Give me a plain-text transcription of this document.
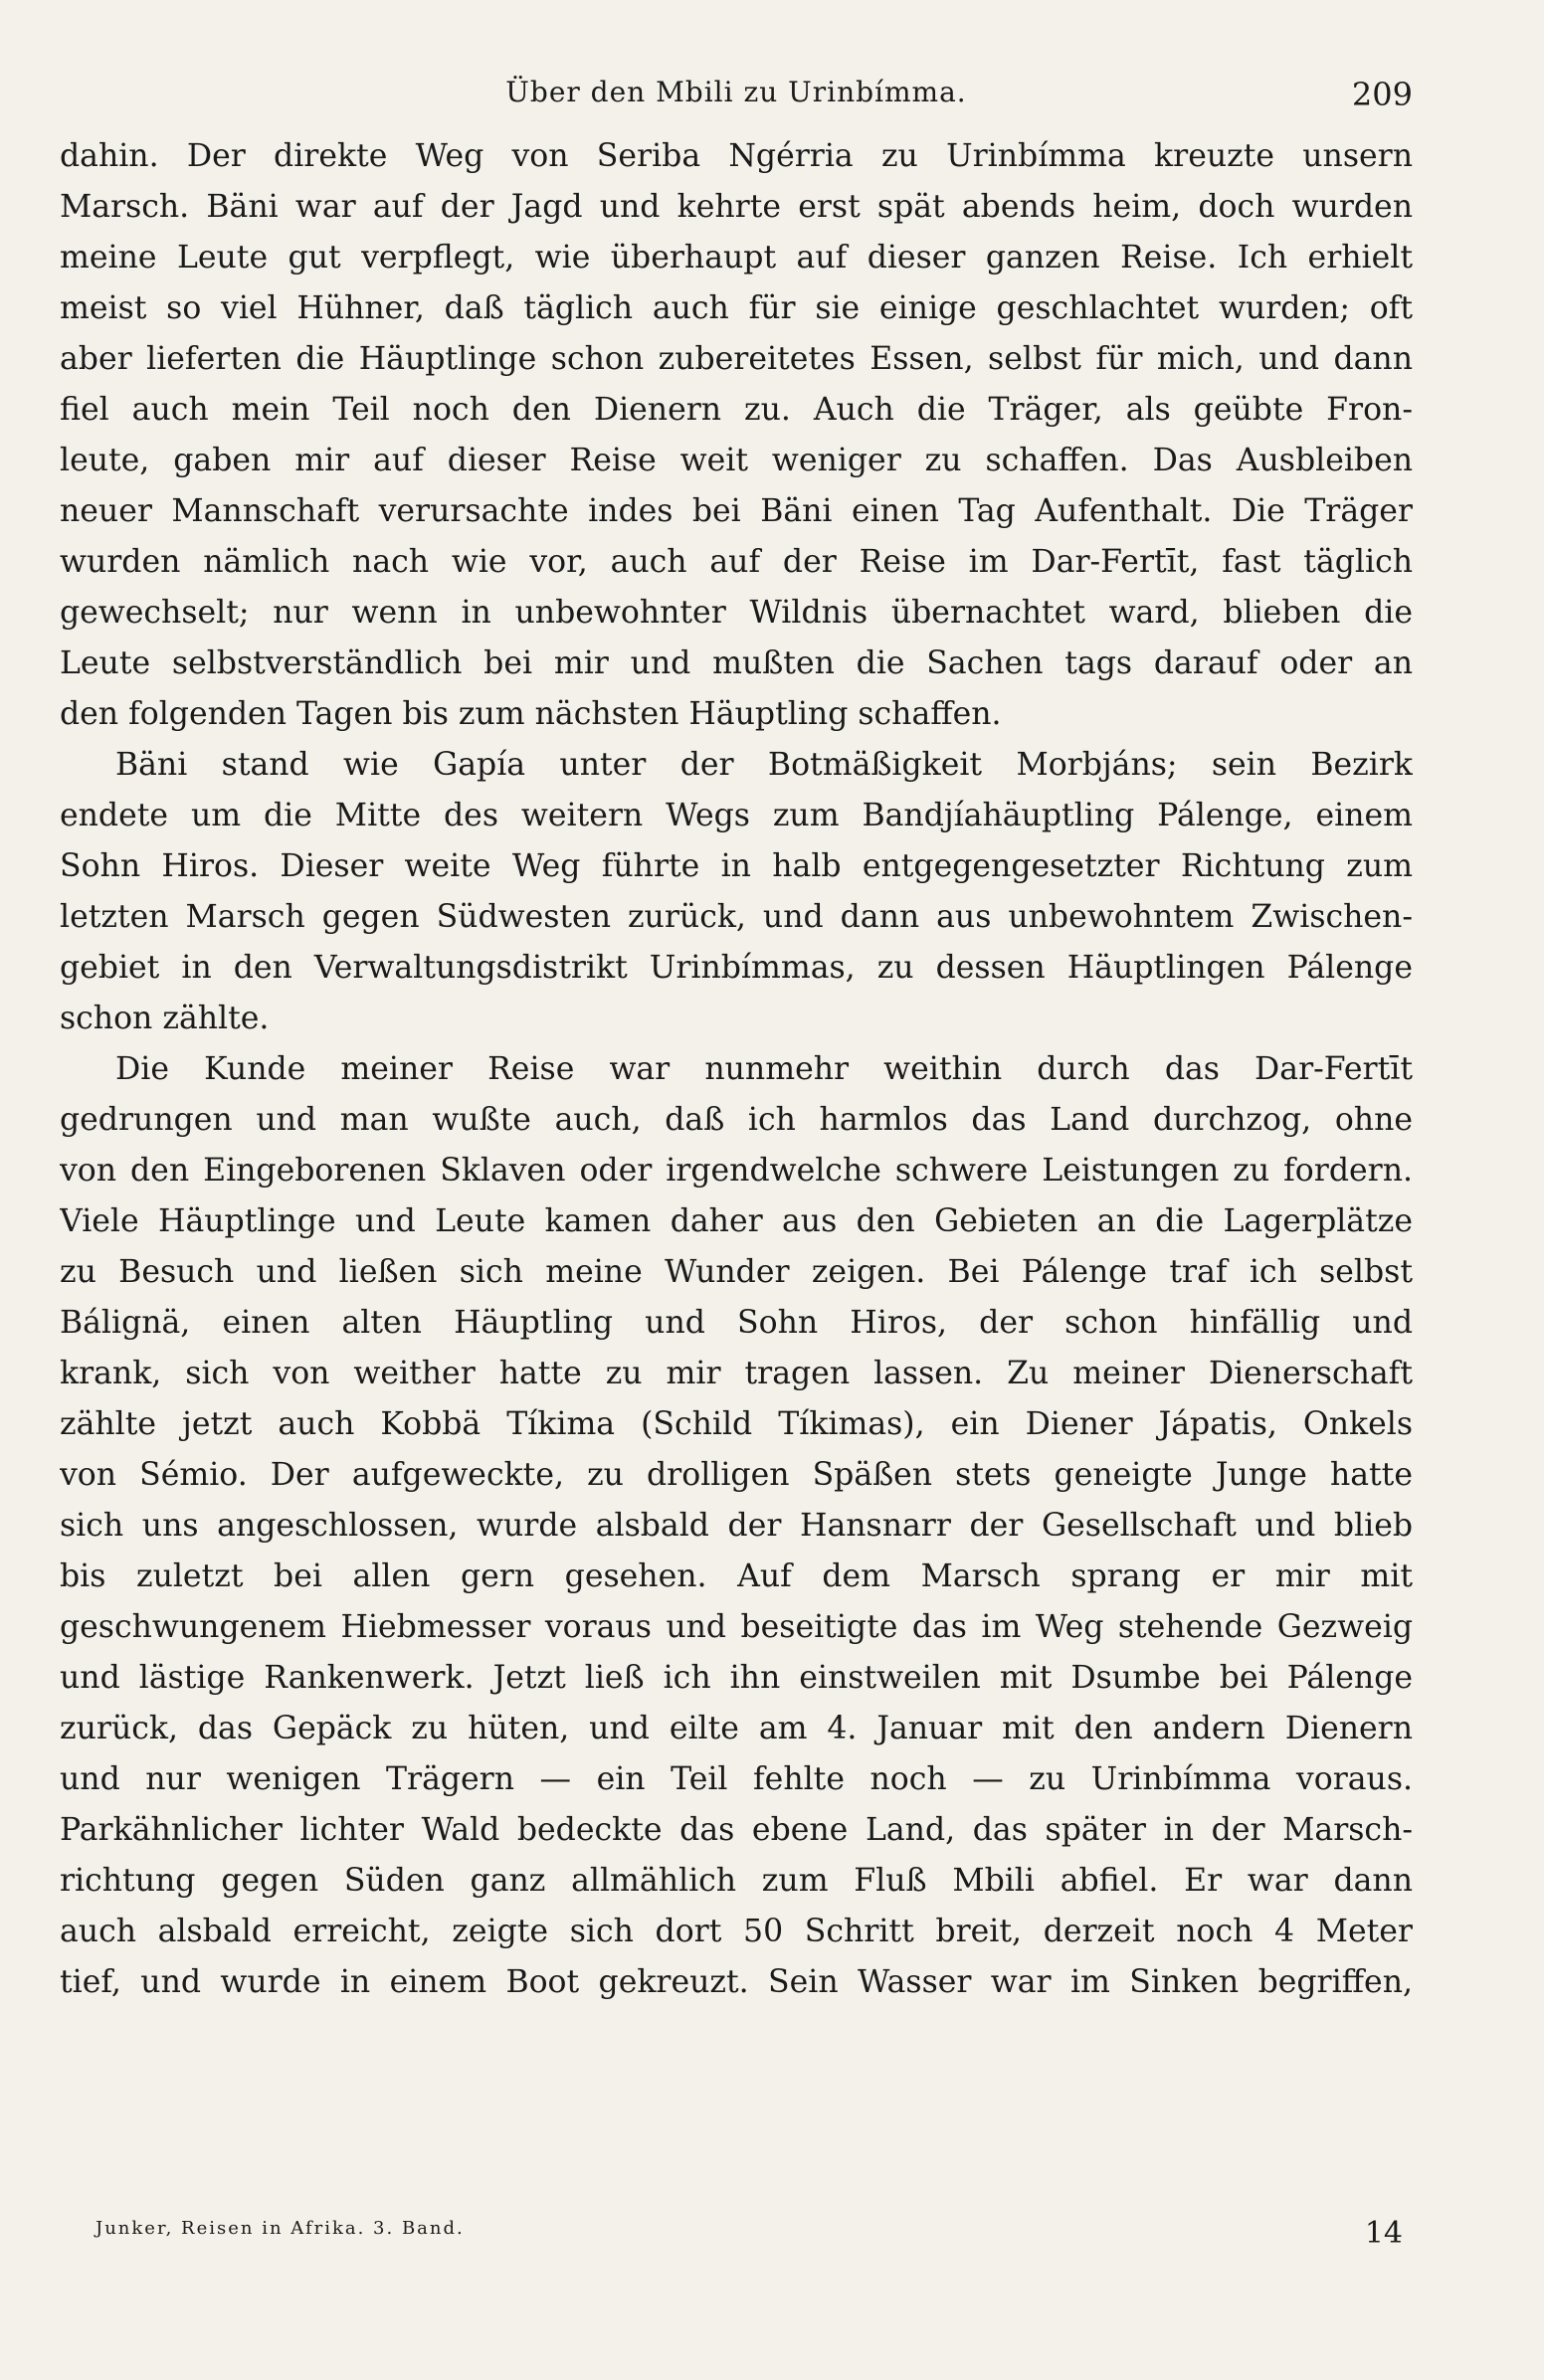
Über den Mbili zu Urinbímma.	209
dahin. Der direkte Weg von Seriba Ngérria zu Urinbímma kreuzte unsern
Marsch. Bäni war auf der Jagd und kehrte erst spät abends heim, doch wurden
meine Leute gut verpflegt, wie überhaupt auf dieser ganzen Reise. Ich erhielt
meist so viel Hühner, daß täglich auch für sie einige geschlachtet wurden; oft
aber lieferten die Häuptlinge schon zubereitetes Essen, selbst für mich, und dann
fiel auch mein Teil noch den Dienern zu. Auch die Träger, als geübte Fron-
leute, gaben mir auf dieser Reise weit weniger zu schaffen. Das Ausbleiben
neuer Mannschaft verursachte indes bei Bäni einen Tag Aufenthalt. Die Träger
wurden nämlich nach wie vor, auch auf der Reise im Dar-Fertīt, fast täglich
gewechselt; nur wenn in unbewohnter Wildnis übernachtet ward, blieben die
Leute selbstverständlich bei mir und mußten die Sachen tags darauf oder an
den folgenden Tagen bis zum nächsten Häuptling schaffen.
Bäni stand wie Gapía unter der Botmäßigkeit Morbjáns; sein Bezirk
endete um die Mitte des weitern Wegs zum Bandjíahäuptling Pálenge, einem
Sohn Hiros. Dieser weite Weg führte in halb entgegengesetzter Richtung zum
letzten Marsch gegen Südwesten zurück, und dann aus unbewohntem Zwischen-
gebiet in den Verwaltungsdistrikt Urinbímmas, zu dessen Häuptlingen Pálenge
schon zählte.
Die Kunde meiner Reise war nunmehr weithin durch das Dar-Fertīt
gedrungen und man wußte auch, daß ich harmlos das Land durchzog, ohne
von den Eingeborenen Sklaven oder irgendwelche schwere Leistungen zu fordern.
Viele Häuptlinge und Leute kamen daher aus den Gebieten an die Lagerplätze
zu Besuch und ließen sich meine Wunder zeigen. Bei Pálenge traf ich selbst
Bálignä, einen alten Häuptling und Sohn Hiros, der schon hinfällig und
krank, sich von weither hatte zu mir tragen lassen. Zu meiner Dienerschaft
zählte jetzt auch Kobbä Tíkima (Schild Tíkimas), ein Diener Jápatis, Onkels
von Sémio. Der aufgeweckte, zu drolligen Späßen stets geneigte Junge hatte
sich uns angeschlossen, wurde alsbald der Hansnarr der Gesellschaft und blieb
bis zuletzt bei allen gern gesehen. Auf dem Marsch sprang er mir mit
geschwungenem Hiebmesser voraus und beseitigte das im Weg stehende Gezweig
und lästige Rankenwerk. Jetzt ließ ich ihn einstweilen mit Dsumbe bei Pálenge
zurück, das Gepäck zu hüten, und eilte am 4. Januar mit den andern Dienern
und nur wenigen Trägern — ein Teil fehlte noch — zu Urinbímma voraus.
Parkähnlicher lichter Wald bedeckte das ebene Land, das später in der Marsch-
richtung gegen Süden ganz allmählich zum Fluß Mbili abfiel. Er war dann
auch alsbald erreicht, zeigte sich dort 50 Schritt breit, derzeit noch 4 Meter
tief, und wurde in einem Boot gekreuzt. Sein Wasser war im Sinken begriffen,
Junker, Reisen in Afrika. 3. Band.	14
